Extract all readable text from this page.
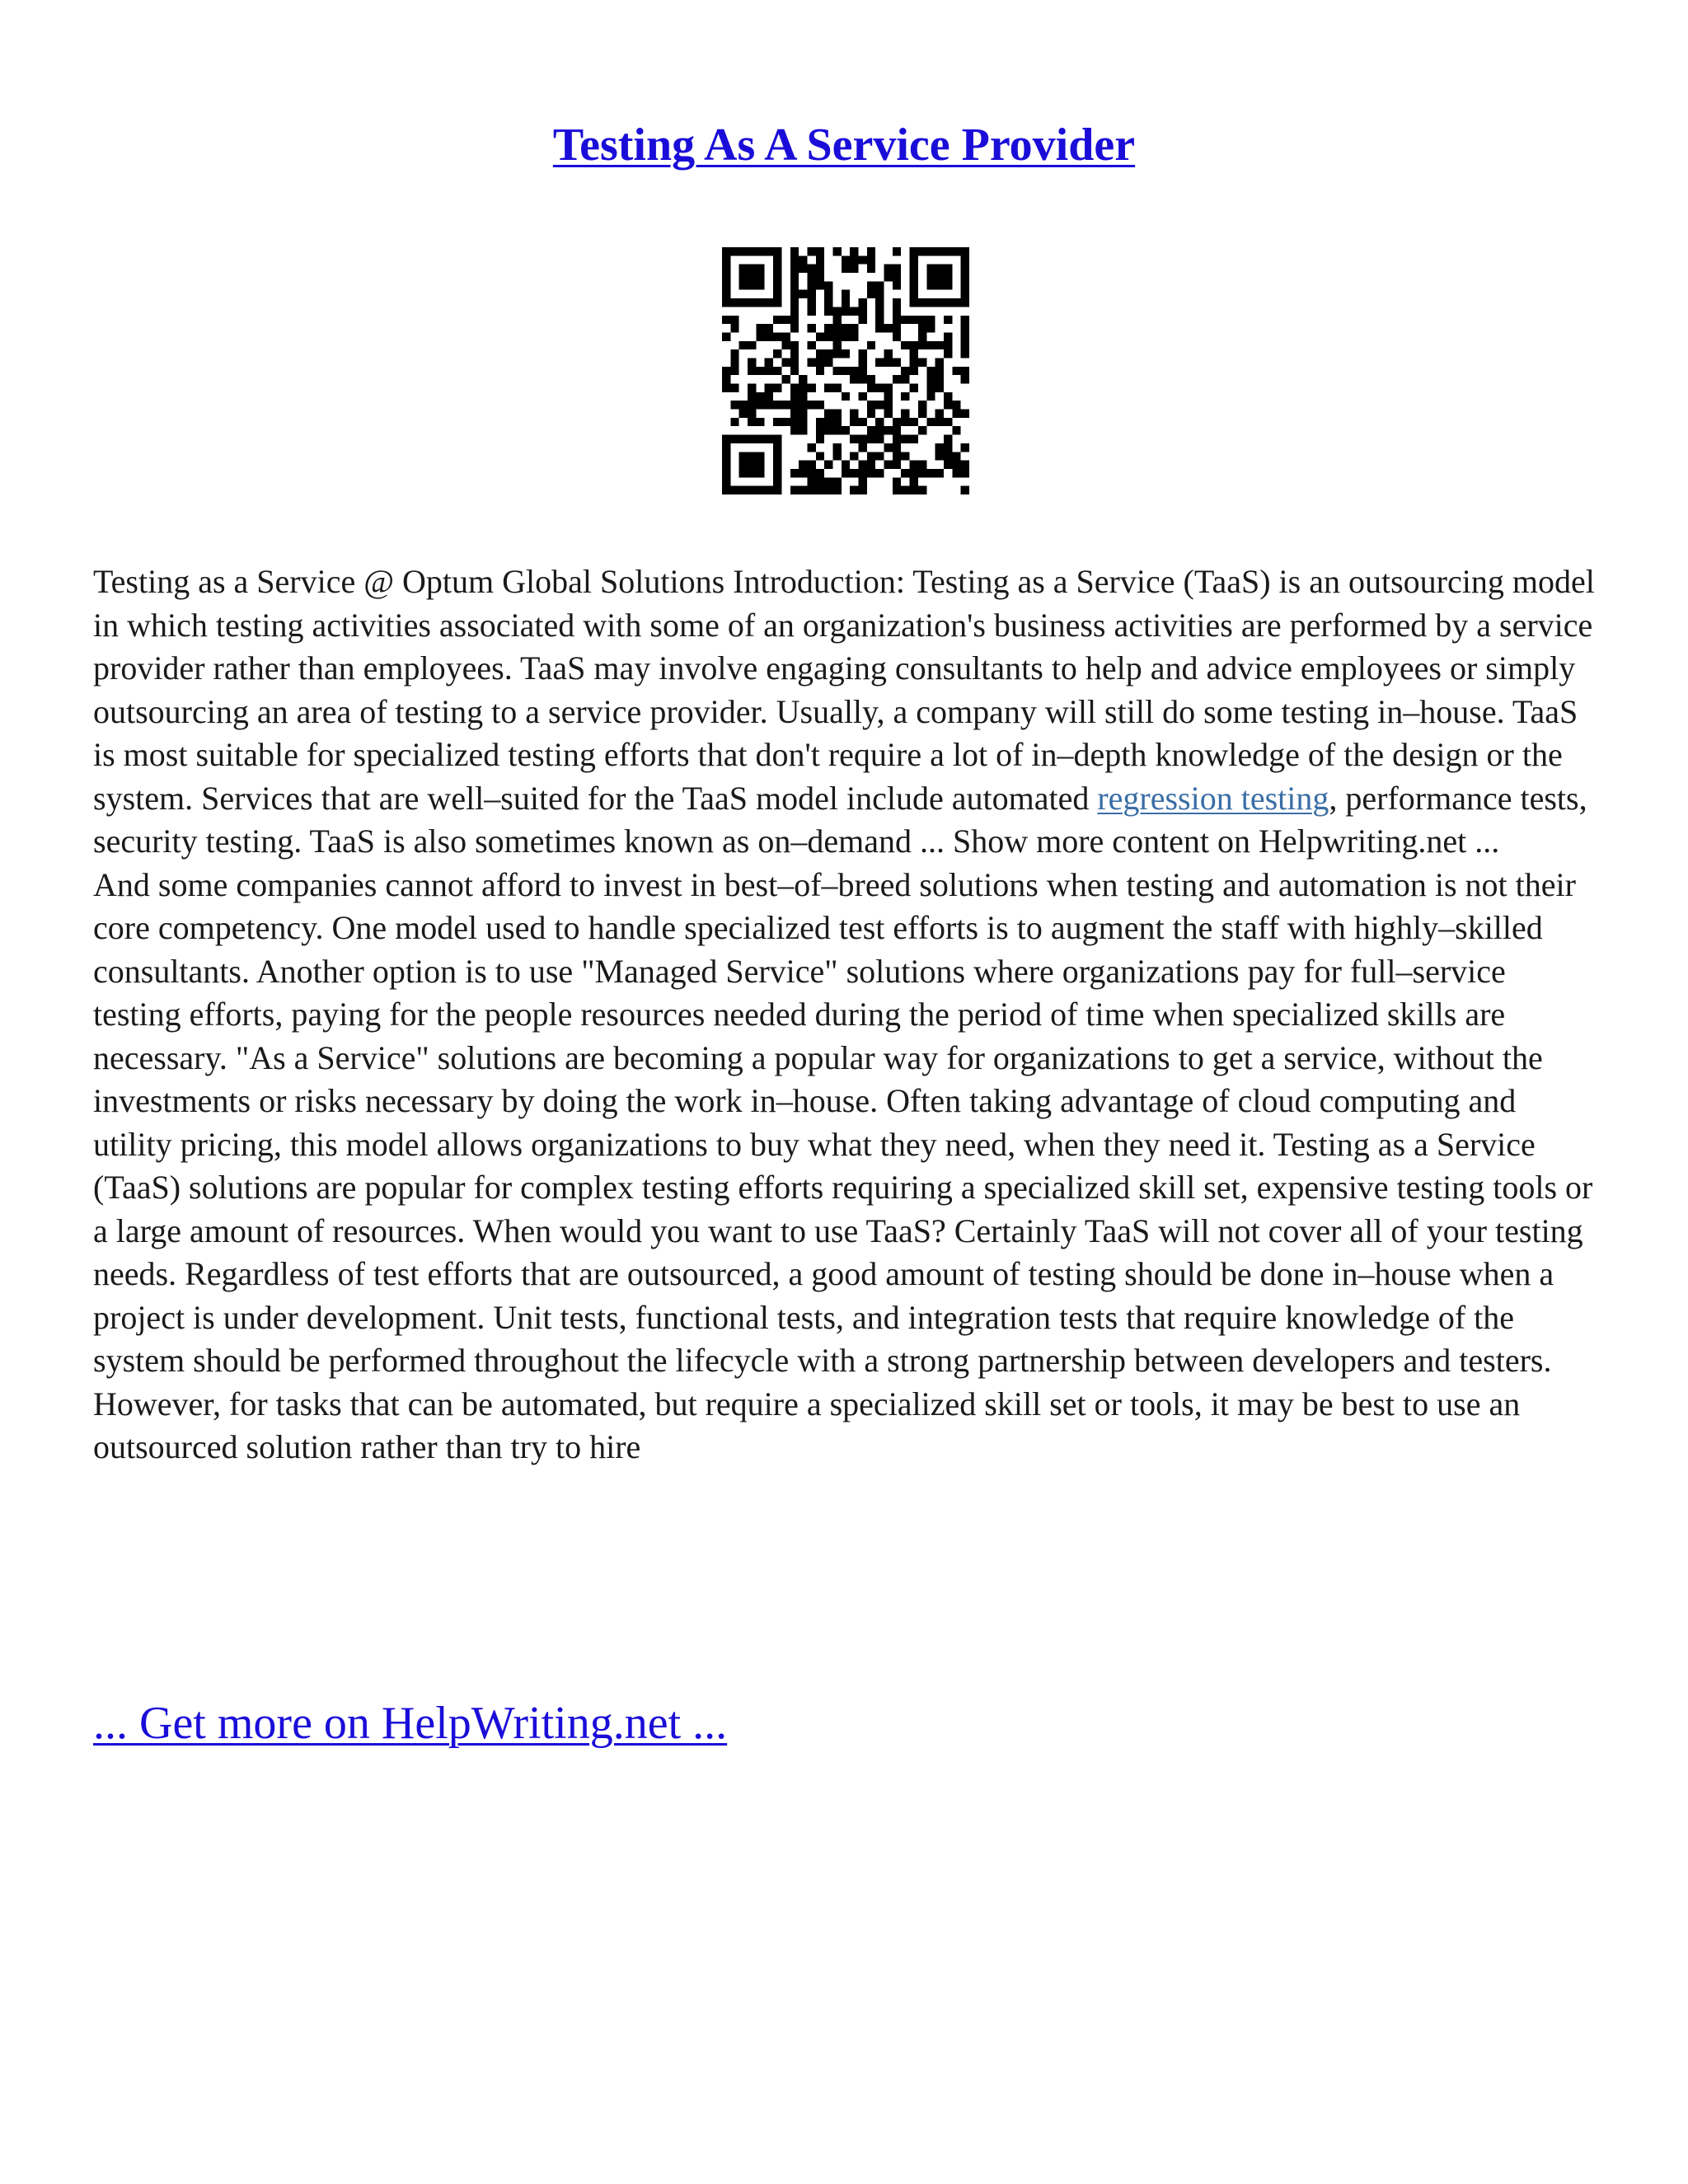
Testing As A Service Provider

Testing as a Service @ Optum Global Solutions Introduction: Testing as a Service (TaaS) is an outsourcing model in which testing activities associated with some of an organization's business activities are performed by a service provider rather than employees. TaaS may involve engaging consultants to help and advice employees or simply outsourcing an area of testing to a service provider. Usually, a company will still do some testing in–house. TaaS is most suitable for specialized testing efforts that don't require a lot of in–depth knowledge of the design or the system. Services that are well–suited for the TaaS model include automated regression testing, performance tests, security testing. TaaS is also sometimes known as on–demand ... Show more content on Helpwriting.net ...

And some companies cannot afford to invest in best–of–breed solutions when testing and automation is not their core competency. One model used to handle specialized test efforts is to augment the staff with highly–skilled consultants. Another option is to use "Managed Service" solutions where organizations pay for full–service testing efforts, paying for the people resources needed during the period of time when specialized skills are necessary. "As a Service" solutions are becoming a popular way for organizations to get a service, without the investments or risks necessary by doing the work in–house. Often taking advantage of cloud computing and utility pricing, this model allows organizations to buy what they need, when they need it. Testing as a Service (TaaS) solutions are popular for complex testing efforts requiring a specialized skill set, expensive testing tools or a large amount of resources. When would you want to use TaaS? Certainly TaaS will not cover all of your testing needs. Regardless of test efforts that are outsourced, a good amount of testing should be done in–house when a project is under development. Unit tests, functional tests, and integration tests that require knowledge of the system should be performed throughout the lifecycle with a strong partnership between developers and testers. However, for tasks that can be automated, but require a specialized skill set or tools, it may be best to use an outsourced solution rather than try to hire

... Get more on HelpWriting.net ...
